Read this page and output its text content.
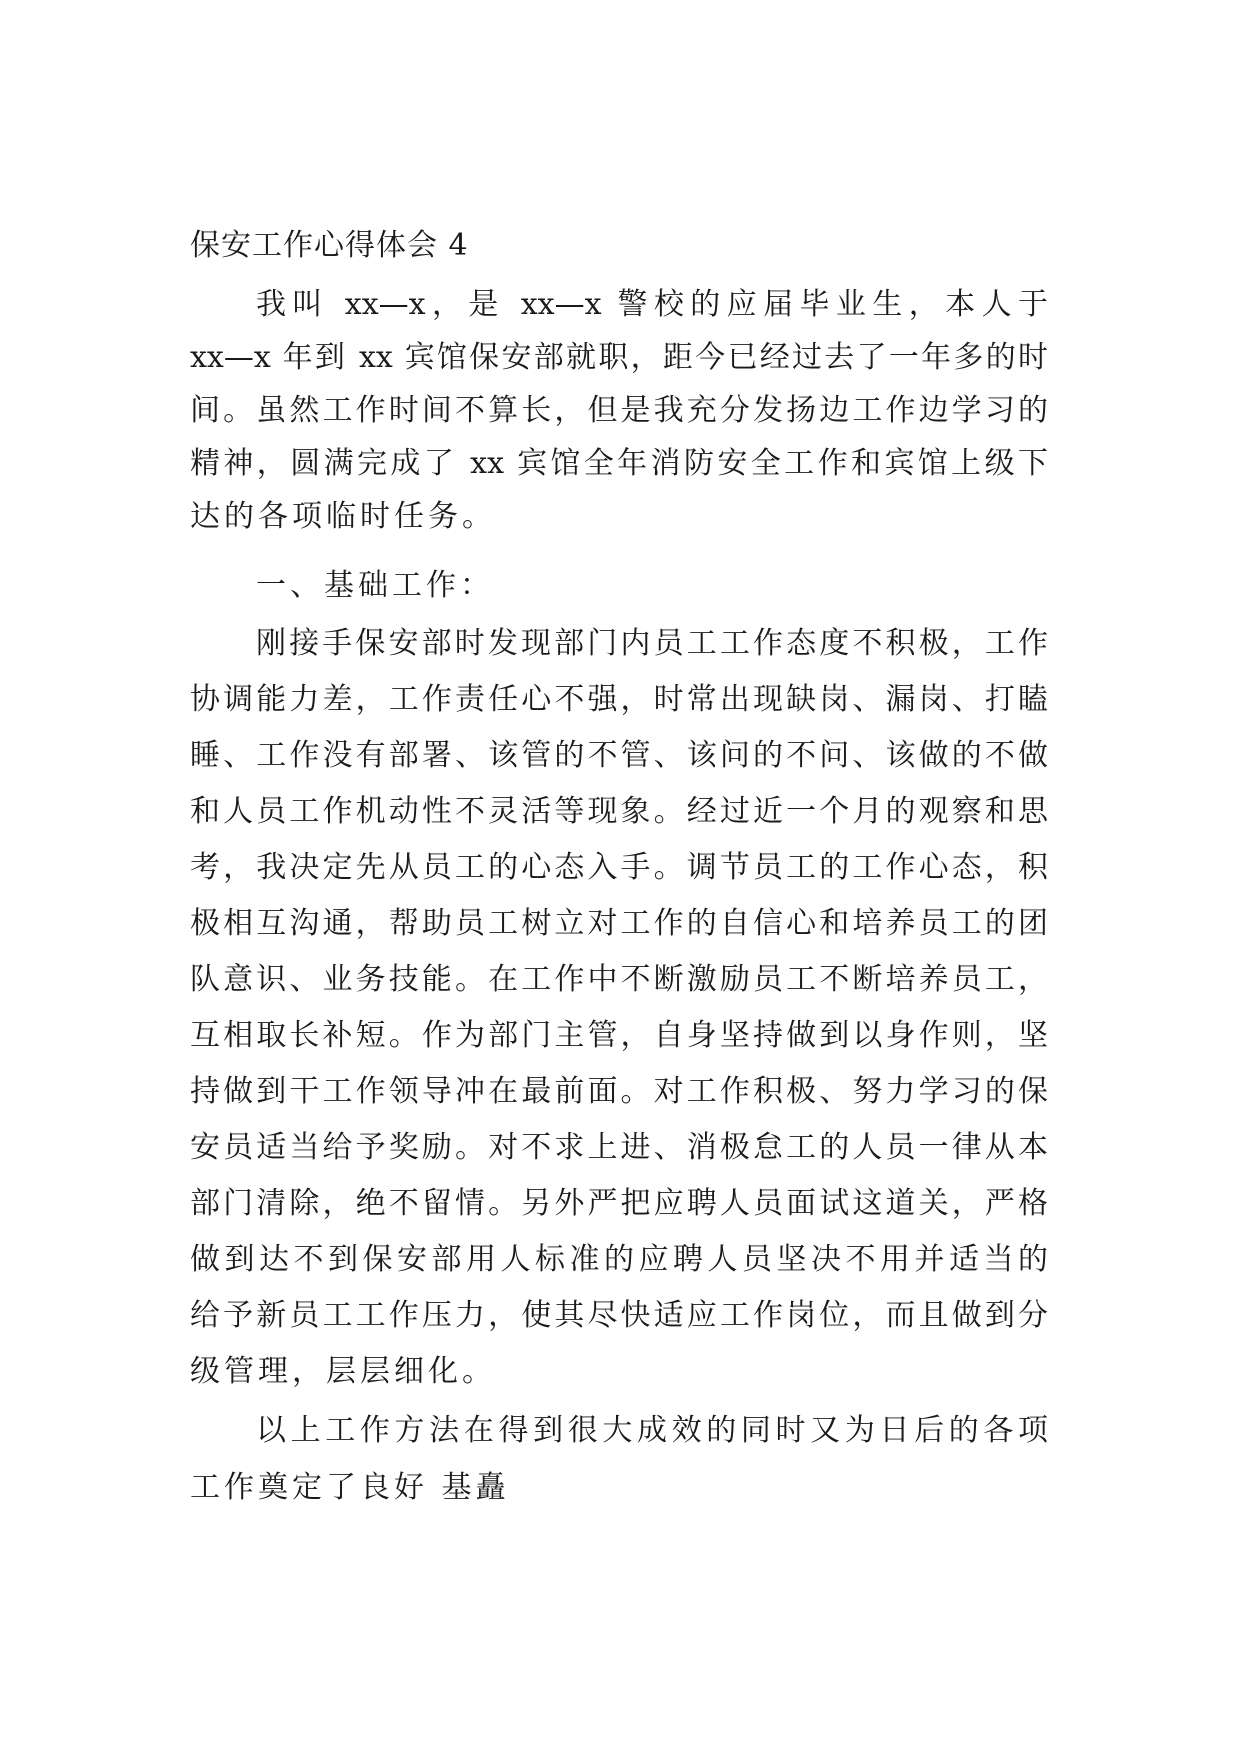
保安工作心得体会 4
我叫 xx—x，是 xx—x 警校的应届毕业生，本人于
xx—x 年到 xx 宾馆保安部就职，距今已经过去了一年多的时
间。虽然工作时间不算长，但是我充分发扬边工作边学习的
精神，圆满完成了 xx 宾馆全年消防安全工作和宾馆上级下
达的各项临时任务。
一、基础工作：
刚接手保安部时发现部门内员工工作态度不积极，工作
协调能力差，工作责任心不强，时常出现缺岗、漏岗、打瞌
睡、工作没有部署、该管的不管、该问的不问、该做的不做
和人员工作机动性不灵活等现象。经过近一个月的观察和思
考，我决定先从员工的心态入手。调节员工的工作心态，积
极相互沟通，帮助员工树立对工作的自信心和培养员工的团
队意识、业务技能。在工作中不断激励员工不断培养员工，
互相取长补短。作为部门主管，自身坚持做到以身作则，坚
持做到干工作领导冲在最前面。对工作积极、努力学习的保
安员适当给予奖励。对不求上进、消极怠工的人员一律从本
部门清除，绝不留情。另外严把应聘人员面试这道关，严格
做到达不到保安部用人标准的应聘人员坚决不用并适当的
给予新员工工作压力，使其尽快适应工作岗位，而且做到分
级管理，层层细化。
以上工作方法在得到很大成效的同时又为日后的各项
工作奠定了良好 基矗
